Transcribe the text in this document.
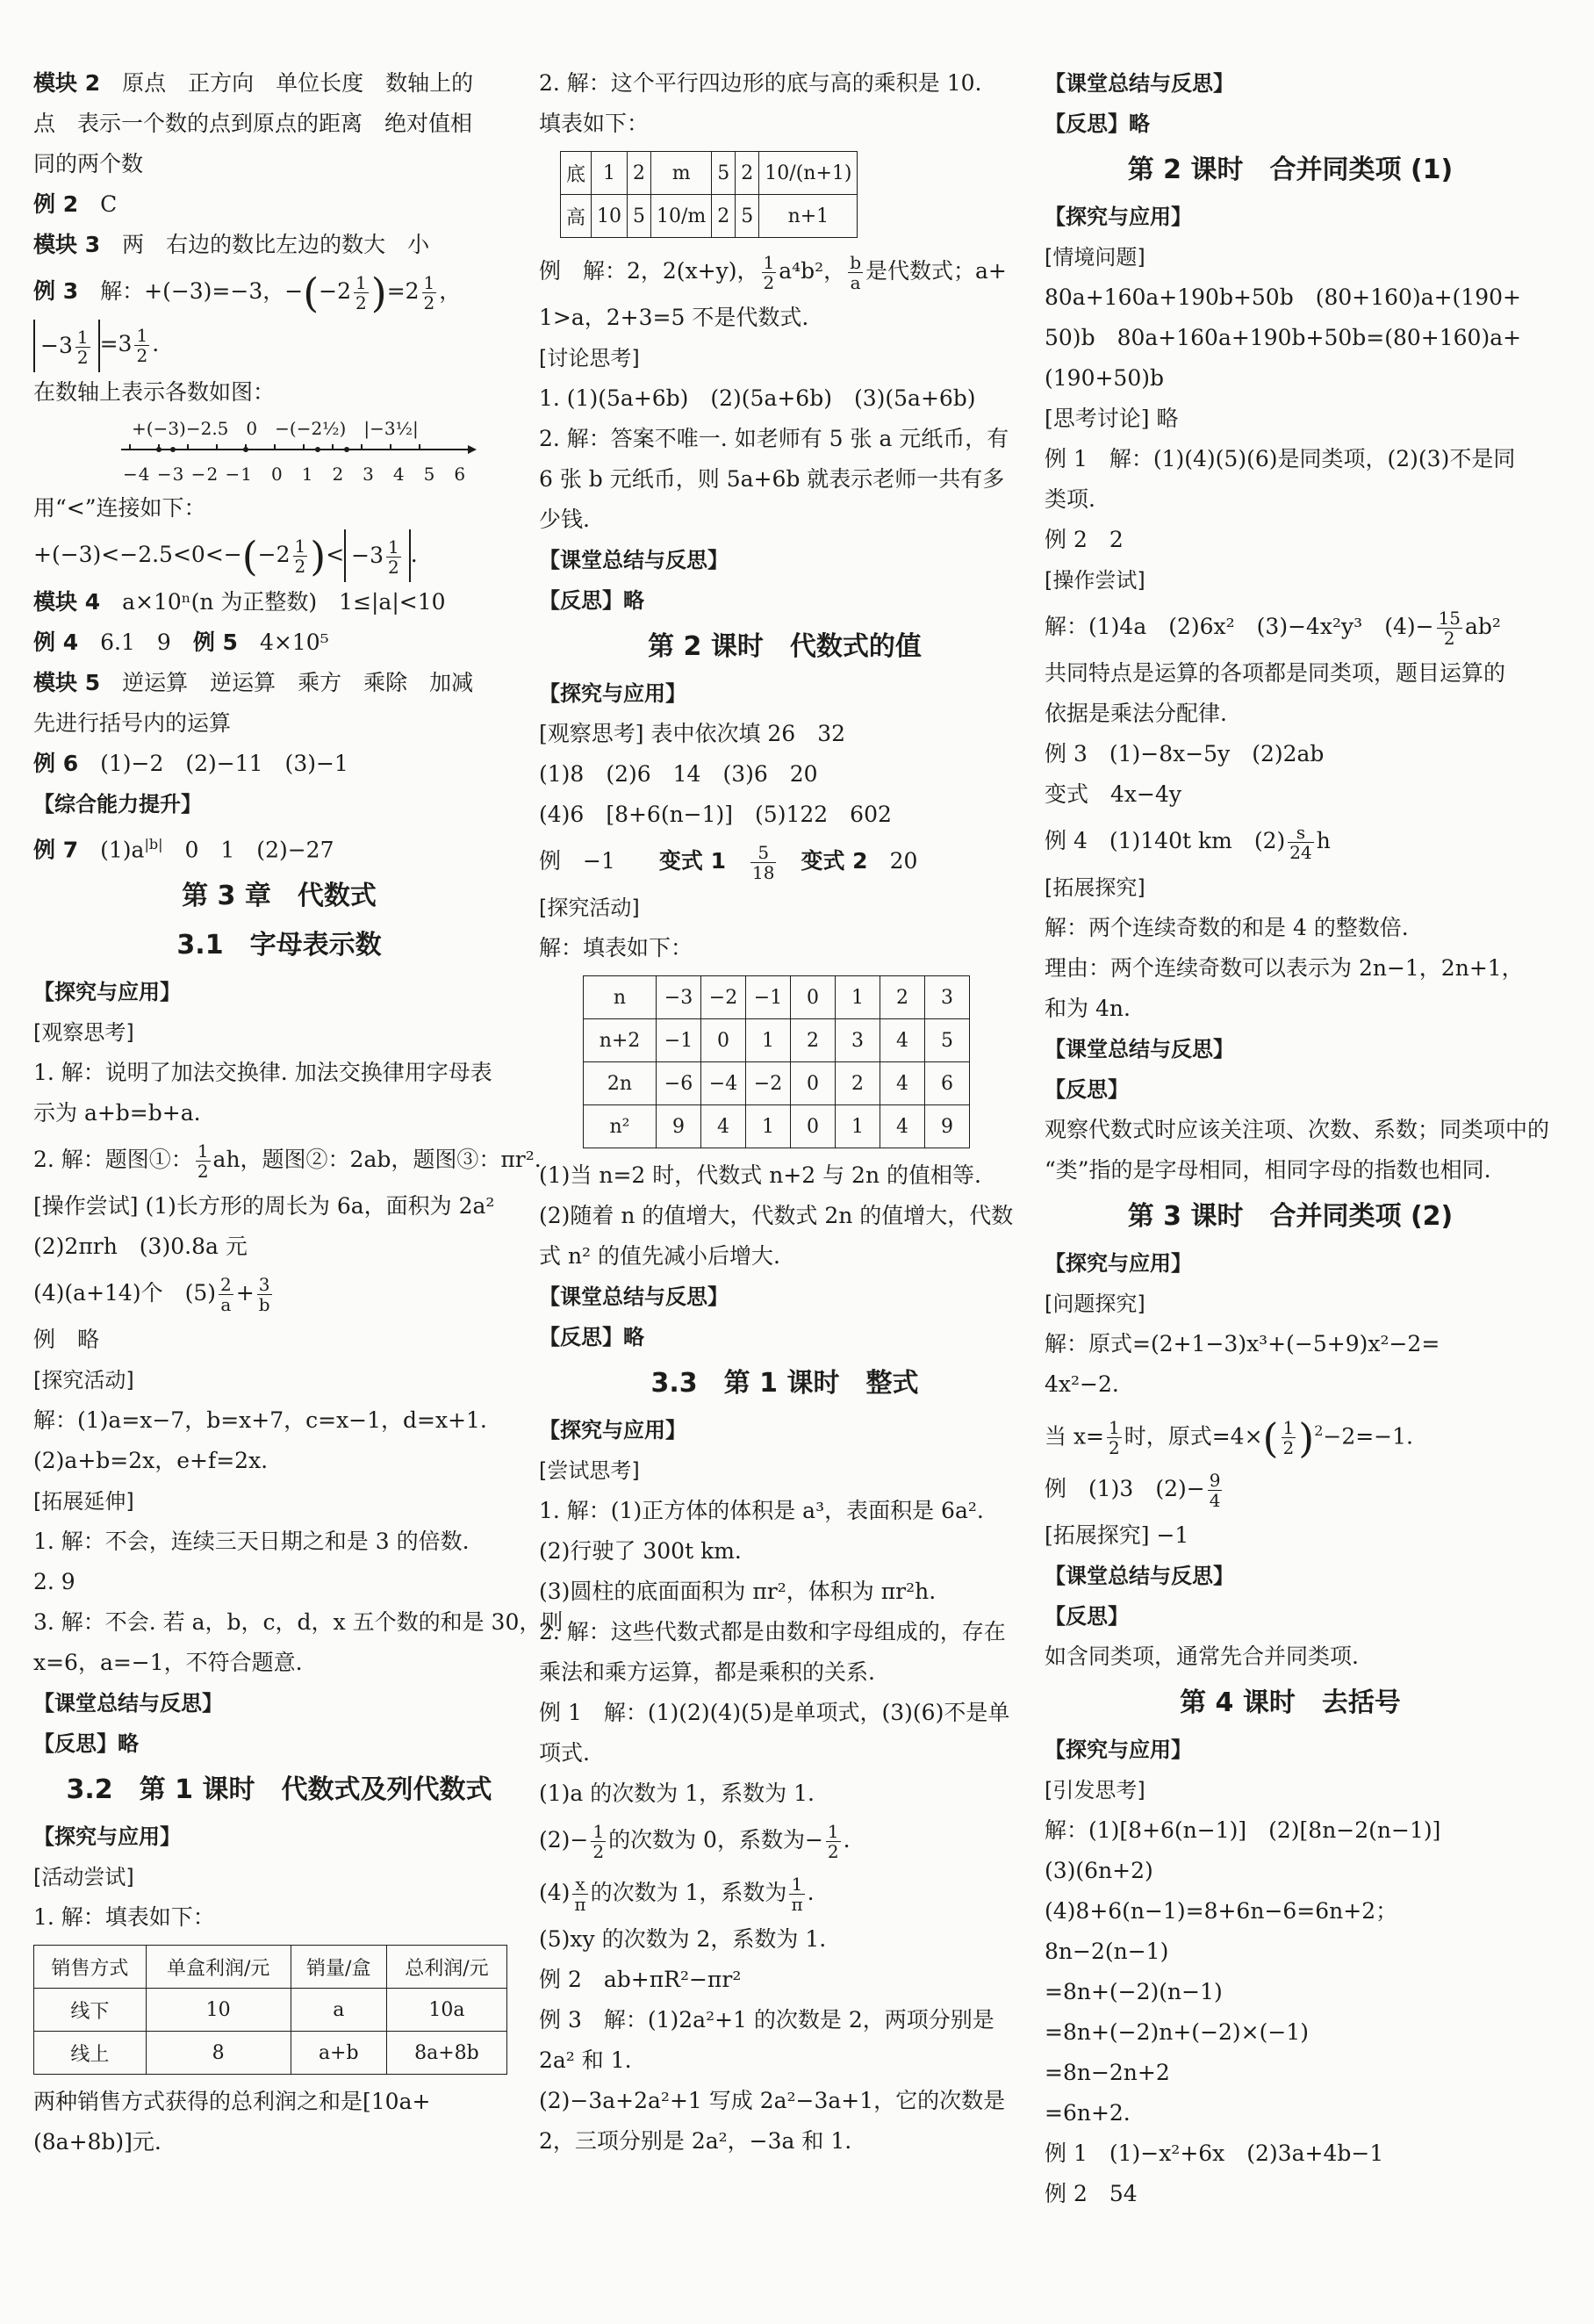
模块 2　 原点　正方向　单位长度　数轴上的
点　表示一个数的点到原点的距离　绝对值相
同的两个数
例 2　 C
模块 3　 两　右边的数比左边的数大　小
例 3　 解：+(−3)=−3，$-(-2 \frac{1}{2} )=2 \frac{1}{2}$ ，
$-3 \frac{1}{2} =3 \frac{1}{2}$ .
在数轴上表示各数如图：
+(−3)−2.5　0　−(−2½)　|−3½|
−4 −3 −2 −1　0　1　2　3　4　5　6
用“<”连接如下：
$+(-3)<-2.5<0<-(-2 \frac{1}{2}$ )< $-3 \frac{1}{2}$ .
模块 4　 a×10ⁿ(n 为正整数)　1≤|a|<10
例 4　 6.1　9　 例 5　 4×10⁵
模块 5　 逆运算　逆运算　乘方　乘除　加减
先进行括号内的运算
例 6　 (1)−2　(2)−11　(3)−1
【综合能力提升】
例 7　 $(1)a^{|b|}$　 0　1　(2)−27
第 3 章　代数式
3.1　字母表示数
【探究与应用】
[观察思考]
1. 解：说明了加法交换律. 加法交换律用字母表
示为 a+b=b+a.
2. 解：题图①： $\frac{1}{2}$ ah，题图②：2ab，题图③：πr².
[操作尝试] (1)长方形的周长为 6a，面积为 2a²
(2)2πrh　(3)0.8a 元
(4)(a+14)个　$(5) \frac{2}{a} + \frac{3}{b}$
例　略
[探究活动]
解：(1)a=x−7，b=x+7，c=x−1，d=x+1.
(2)a+b=2x，e+f=2x.
[拓展延伸]
1. 解：不会，连续三天日期之和是 3 的倍数.
2. 9
3. 解：不会. 若 a，b，c，d，x 五个数的和是 30，则
x=6，a=−1，不符合题意.
【课堂总结与反思】
【反思】略
3.2　第 1 课时　代数式及列代数式
【探究与应用】
[活动尝试]
1. 解：填表如下：
销售方式	单盒利润/元	销量/盒	总利润/元
线下	10	a	10a
线上	8	a+b	8a+8b
两种销售方式获得的总利润之和是[10a+
(8a+8b)]元.
2. 解：这个平行四边形的底与高的乘积是 10.
填表如下：
底	1	2	m	5	2	10/(n+1)
高	10	5	10/m	2	5	n+1
例　解：2，2(x+y)， $\frac{1}{2} a^4b^2$， $\frac{b}{a}$ 是代数式；a+
1>a，2+3=5 不是代数式.
[讨论思考]
1. (1)(5a+6b)　(2)(5a+6b)　(3)(5a+6b)
2. 解：答案不唯一. 如老师有 5 张 a 元纸币，有
6 张 b 元纸币，则 5a+6b 就表示老师一共有多
少钱.
【课堂总结与反思】
【反思】略
第 2 课时　代数式的值
【探究与应用】
[观察思考] 表中依次填 26　32
(1)8　(2)6　14　(3)6　20
(4)6　[8+6(n−1)]　(5)122　602
例　−1　　变式 1　 $\frac{5}{18}$
　 变式 2　 20
[探究活动]
解：填表如下：
n	−3	−2	−1	0	1	2	3
n+2	−1	0	1	2	3	4	5
2n	−6	−4	−2	0	2	4	6
n²	9	4	1	0	1	4	9
(1)当 n=2 时，代数式 n+2 与 2n 的值相等.
(2)随着 n 的值增大，代数式 2n 的值增大，代数
式 n² 的值先减小后增大.
【课堂总结与反思】
【反思】略
3.3　第 1 课时　整式
【探究与应用】
[尝试思考]
1. 解：(1)正方体的体积是 a³，表面积是 6a².
(2)行驶了 300t km.
(3)圆柱的底面面积为 πr²，体积为 πr²h.
2. 解：这些代数式都是由数和字母组成的，存在
乘法和乘方运算，都是乘积的关系.
例 1　解：(1)(2)(4)(5)是单项式，(3)(6)不是单
项式.
(1)a 的次数为 1，系数为 1.
$(2)- \frac{1}{2}$ 的次数为 0，系数为− $\frac{1}{2}$ .
$(4) \frac{x}{\pi}$ 的次数为 1，系数为 $\frac{1}{\pi}$ .
(5)xy 的次数为 2，系数为 1.
例 2　ab+πR²−πr²
例 3　解：(1)2a²+1 的次数是 2，两项分别是
2a² 和 1.
(2)−3a+2a²+1 写成 2a²−3a+1，它的次数是
2，三项分别是 2a²，−3a 和 1.
【课堂总结与反思】
【反思】略
第 2 课时　合并同类项 (1)
【探究与应用】
[情境问题]
80a+160a+190b+50b　(80+160)a+(190+
50)b　80a+160a+190b+50b=(80+160)a+
(190+50)b
[思考讨论] 略
例 1　解：(1)(4)(5)(6)是同类项，(2)(3)不是同
类项.
例 2　2
[操作尝试]
解：(1)4a　(2)6x²　(3)−4x²y³　$(4)- \frac{15}{2} ab^2$
共同特点是运算的各项都是同类项，题目运算的
依据是乘法分配律.
例 3　(1)−8x−5y　(2)2ab
变式　4x−4y
例 4　(1)140t km　$(2) \frac{s}{24}$ h
[拓展探究]
解：两个连续奇数的和是 4 的整数倍.
理由：两个连续奇数可以表示为 2n−1，2n+1，
和为 4n.
【课堂总结与反思】
【反思】
观察代数式时应该关注项、次数、系数；同类项中的
“类”指的是字母相同，相同字母的指数也相同.
第 3 课时　合并同类项 (2)
【探究与应用】
[问题探究]
解：原式=(2+1−3)x³+(−5+9)x²−2=
4x²−2.
当 $x= \frac{1}{2}$ 时，原式$=4\times( \frac{1}{2} )^2-2=-1$.
例　(1)3　$(2)- \frac{9}{4}$
[拓展探究] −1
【课堂总结与反思】
【反思】
如含同类项，通常先合并同类项.
第 4 课时　去括号
【探究与应用】
[引发思考]
解：(1)[8+6(n−1)]　(2)[8n−2(n−1)]
(3)(6n+2)
(4)8+6(n−1)=8+6n−6=6n+2；
8n−2(n−1)
=8n+(−2)(n−1)
=8n+(−2)n+(−2)×(−1)
=8n−2n+2
=6n+2.
例 1　(1)−x²+6x　(2)3a+4b−1
例 2　54
